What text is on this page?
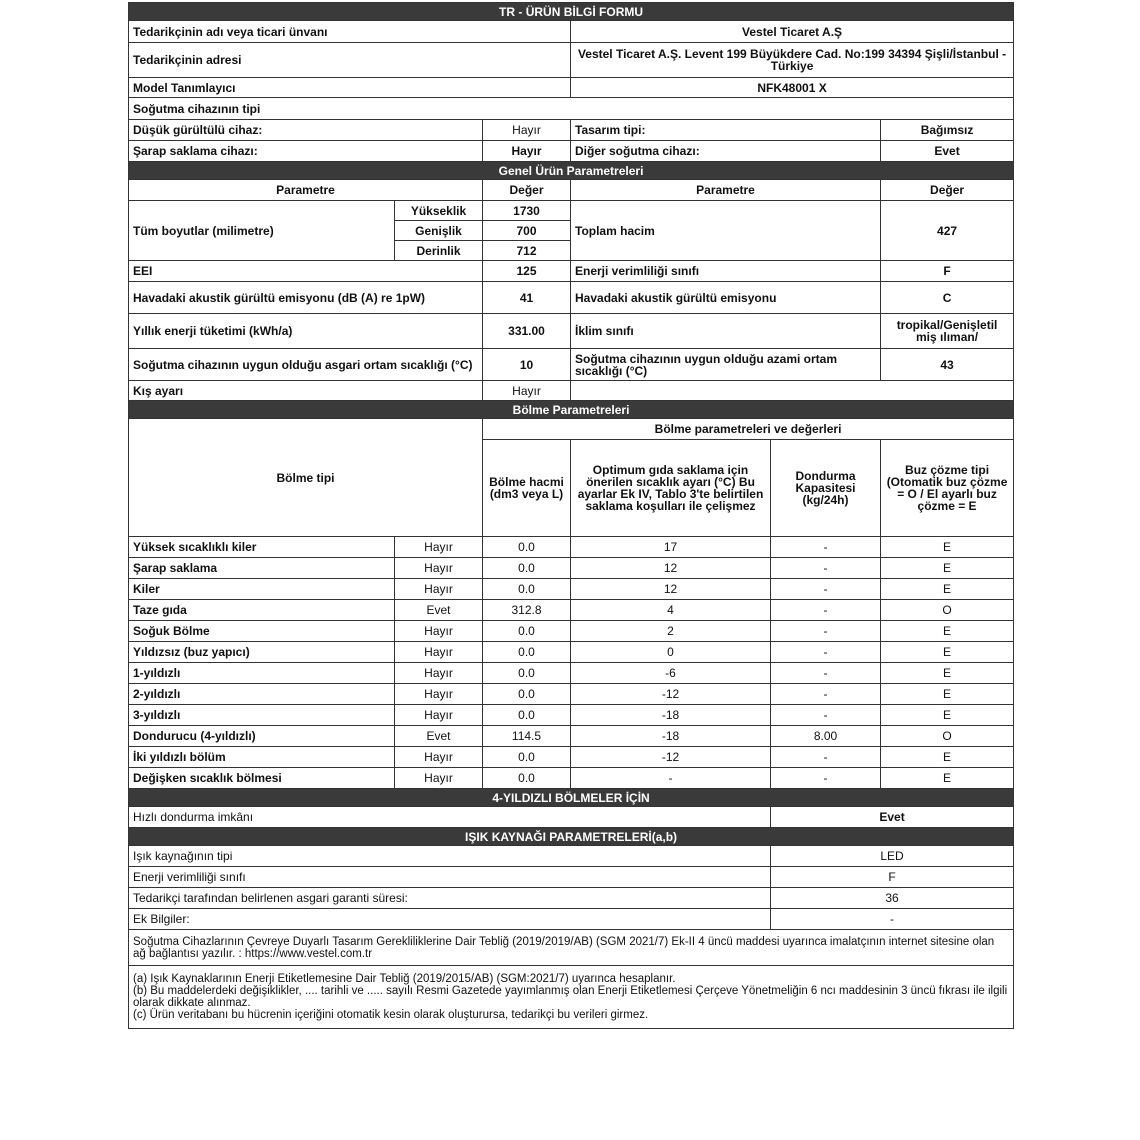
TR - ÜRÜN BİLGİ FORMU					
Tedarikçinin adı veya ticari ünvanı			Vestel Ticaret A.Ş		
Tedarikçinin adresi			Vestel Ticaret A.Ş. Levent 199 Büyükdere Cad. No:199 34394 Şişli/İstanbul - Türkiye		
Model Tanımlayıcı			NFK48001 X		
Soğutma cihazının tipi					
Düşük gürültülü cihaz:		Hayır	Tasarım tipi:		Bağımsız
Şarap saklama cihazı:		Hayır	Diğer soğutma cihazı:		Evet
Genel Ürün Parametreleri					
Parametre		Değer	Parametre		Değer
Tüm boyutlar (milimetre)	Yükseklik	1730	Toplam hacim		427
	Genişlik	700			
	Derinlik	712			
EEI		125	Enerji verimliliği sınıfı		F
Havadaki akustik gürültü emisyonu (dB (A) re 1pW)		41	Havadaki akustik gürültü emisyonu		C
Yıllık enerji tüketimi (kWh/a)		331.00	İklim sınıfı		tropikal/Genişletil miş ılıman/
Soğutma cihazının uygun olduğu asgari ortam sıcaklığı (°C)		10	Soğutma cihazının uygun olduğu azami ortam sıcaklığı (°C)		43
Kış ayarı		Hayır			
Bölme Parametreleri					
Bölme tipi		Bölme parametreleri ve değerleri			
		Bölme hacmi (dm3 veya L)	Optimum gıda saklama için önerilen sıcaklık ayarı (°C) Bu ayarlar Ek IV, Tablo 3'te belirtilen saklama koşulları ile çelişmez	Dondurma Kapasitesi (kg/24h)	Buz çözme tipi (Otomatik buz çözme = O / El ayarlı buz çözme = E
Yüksek sıcaklıklı kiler	Hayır	0.0	17	-	E
Şarap saklama	Hayır	0.0	12	-	E
Kiler	Hayır	0.0	12	-	E
Taze gıda	Evet	312.8	4	-	O
Soğuk Bölme	Hayır	0.0	2	-	E
Yıldızsız (buz yapıcı)	Hayır	0.0	0	-	E
1-yıldızlı	Hayır	0.0	-6	-	E
2-yıldızlı	Hayır	0.0	-12	-	E
3-yıldızlı	Hayır	0.0	-18	-	E
Dondurucu (4-yıldızlı)	Evet	114.5	-18	8.00	O
İki yıldızlı bölüm	Hayır	0.0	-12	-	E
Değişken sıcaklık bölmesi	Hayır	0.0	-	-	E
4-YILDIZLI BÖLMELER İÇİN					
Hızlı dondurma imkânı				Evet	
IŞIK KAYNAĞI PARAMETRELERİ(a,b)					
Işık kaynağının tipi				LED	
Enerji verimliliği sınıfı				F	
Tedarikçi tarafından belirlenen asgari garanti süresi:				36	
Ek Bilgiler:				-	
Soğutma Cihazlarının Çevreye Duyarlı Tasarım Gerekliliklerine Dair Tebliğ (2019/2019/AB) (SGM 2021/7) Ek-II 4 üncü maddesi uyarınca imalatçının internet sitesine olan ağ bağlantısı yazılır. : https://www.vestel.com.tr					

(a) Işık Kaynaklarının Enerji Etiketlemesine Dair Tebliğ (2019/2015/AB) (SGM:2021/7) uyarınca hesaplanır.
(b) Bu maddelerdeki değişiklikler, .... tarihli ve ..... sayılı Resmi Gazetede yayımlanmış olan Enerji Etiketlemesi Çerçeve Yönetmeliğin 6 ncı maddesinin 3 üncü fıkrası ile ilgili olarak dikkate alınmaz.
(c) Ürün veritabanı bu hücrenin içeriğini otomatik kesin olarak oluşturursa, tedarikçi bu verileri girmez.					
